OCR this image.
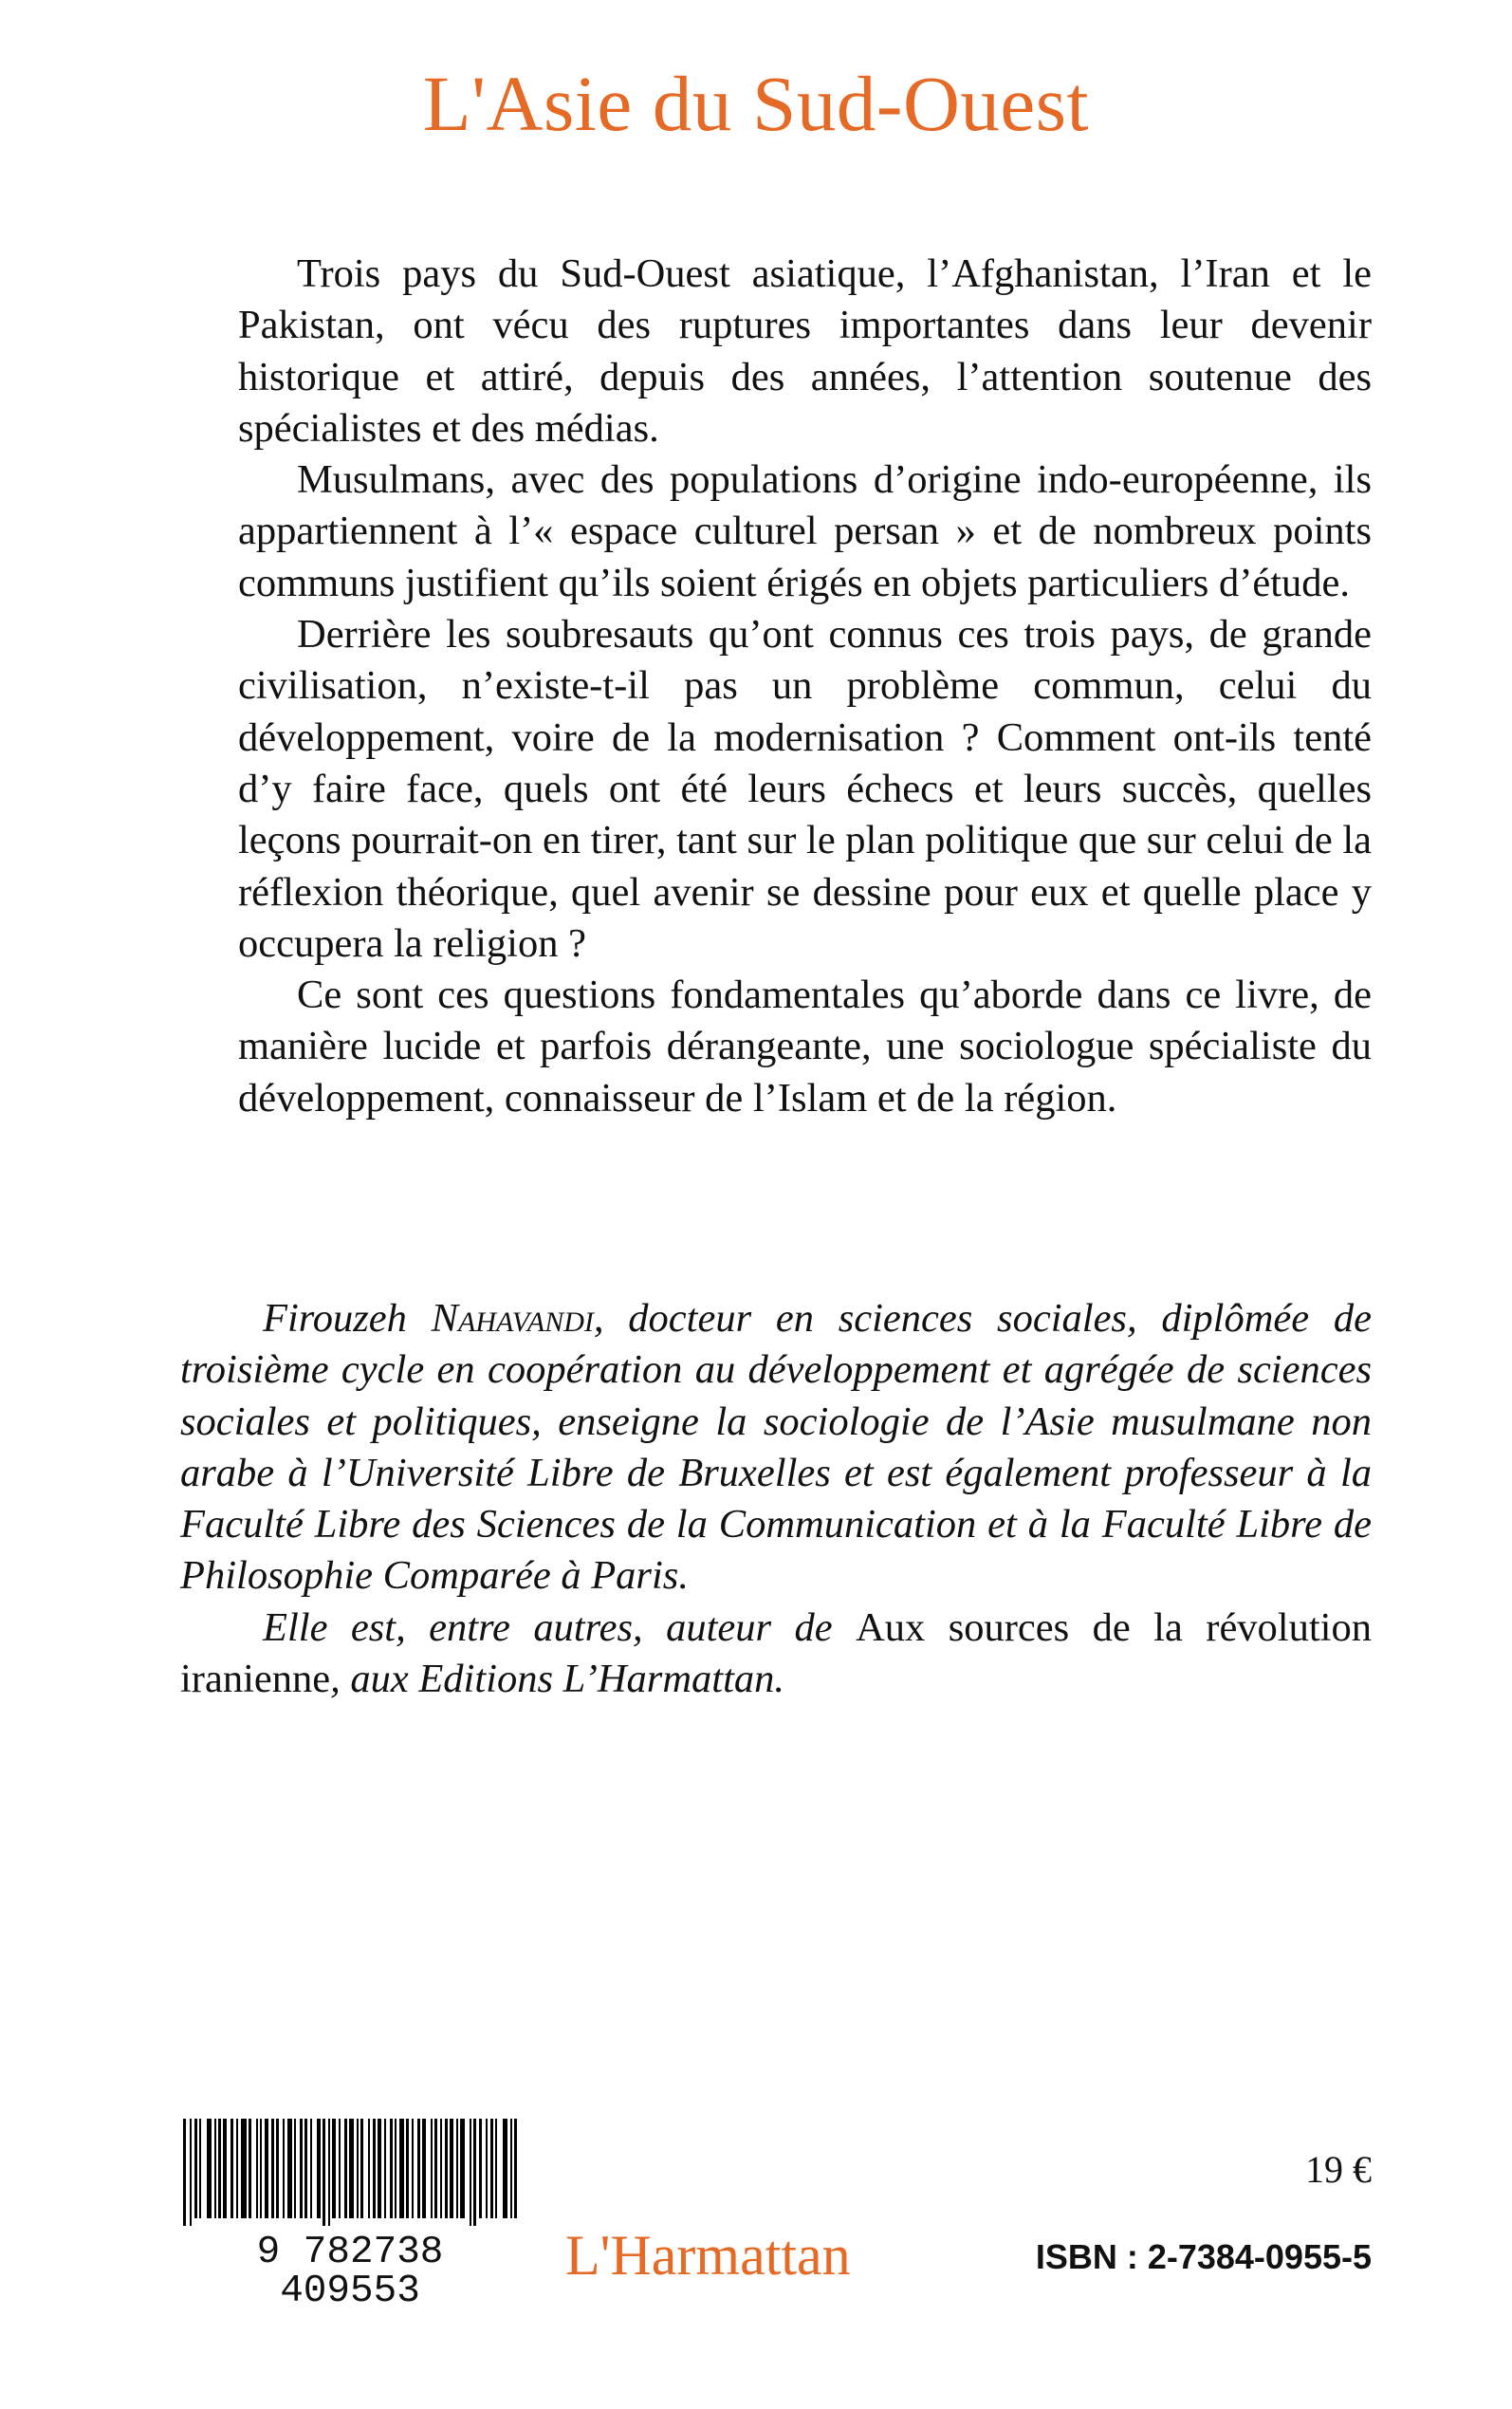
L'Asie du Sud-Ouest

Trois pays du Sud-Ouest asiatique, l’Afghanistan, l’Iran et le Pakistan, ont vécu des ruptures importantes dans leur devenir historique et attiré, depuis des années, l’attention soutenue des spécialistes et des médias.

Musulmans, avec des populations d’origine indo-européenne, ils appartiennent à l’« espace culturel persan » et de nombreux points communs justifient qu’ils soient érigés en objets particuliers d’étude.

Derrière les soubresauts qu’ont connus ces trois pays, de grande civilisation, n’existe-t-il pas un problème commun, celui du développement, voire de la modernisation ? Comment ont-ils tenté d’y faire face, quels ont été leurs échecs et leurs succès, quelles leçons pourrait-on en tirer, tant sur le plan politique que sur celui de la réflexion théorique, quel avenir se dessine pour eux et quelle place y occupera la religion ?

Ce sont ces questions fondamentales qu’aborde dans ce livre, de manière lucide et parfois dérangeante, une sociologue spécialiste du développement, connaisseur de l’Islam et de la région.

Firouzeh Nahavandi, docteur en sciences sociales, diplômée de troisième cycle en coopération au développement et agrégée de sciences sociales et politiques, enseigne la sociologie de l’Asie musulmane non arabe à l’Université Libre de Bruxelles et est également professeur à la Faculté Libre des Sciences de la Communication et à la Faculté Libre de Philosophie Comparée à Paris.

Elle est, entre autres, auteur de Aux sources de la révolution iranienne, aux Editions L’Harmattan.

9 782738 409553
L'Harmattan
19 €
ISBN : 2-7384-0955-5
